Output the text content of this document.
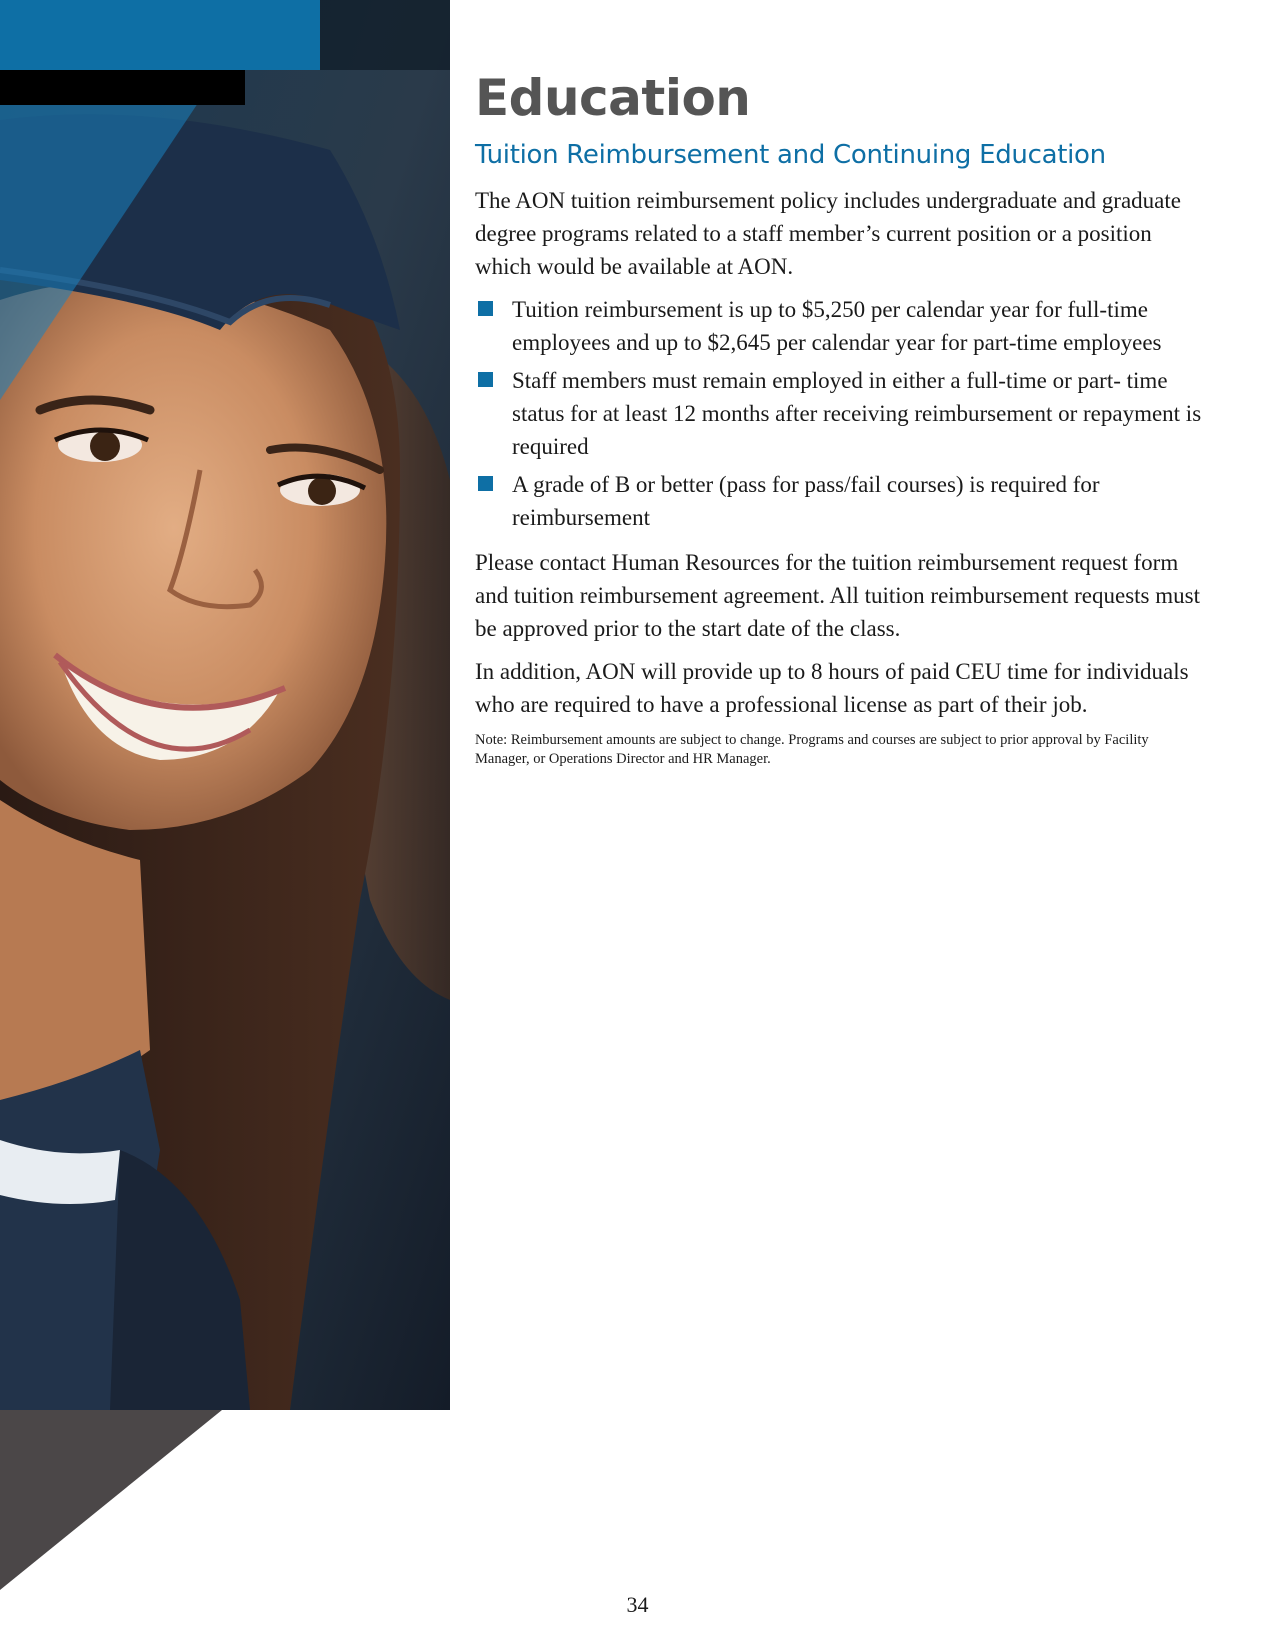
Education
Tuition Reimbursement and Continuing Education

The AON tuition reimbursement policy includes undergraduate and graduate degree programs related to a staff member’s current position or a position which would be available at AON.

Tuition reimbursement is up to $5,250 per calendar year for full-time employees and up to $2,645 per calendar year for part-time employees
Staff members must remain employed in either a full-time or part- time status for at least 12 months after receiving reimbursement or repayment is required
A grade of B or better (pass for pass/fail courses) is required for reimbursement

Please contact Human Resources for the tuition reimbursement request form and tuition reimbursement agreement. All tuition reimbursement requests must be approved prior to the start date of the class.

In addition, AON will provide up to 8 hours of paid CEU time for individuals who are required to have a professional license as part of their job.

Note: Reimbursement amounts are subject to change. Programs and courses are subject to prior approval by Facility Manager, or Operations Director and HR Manager.

34
